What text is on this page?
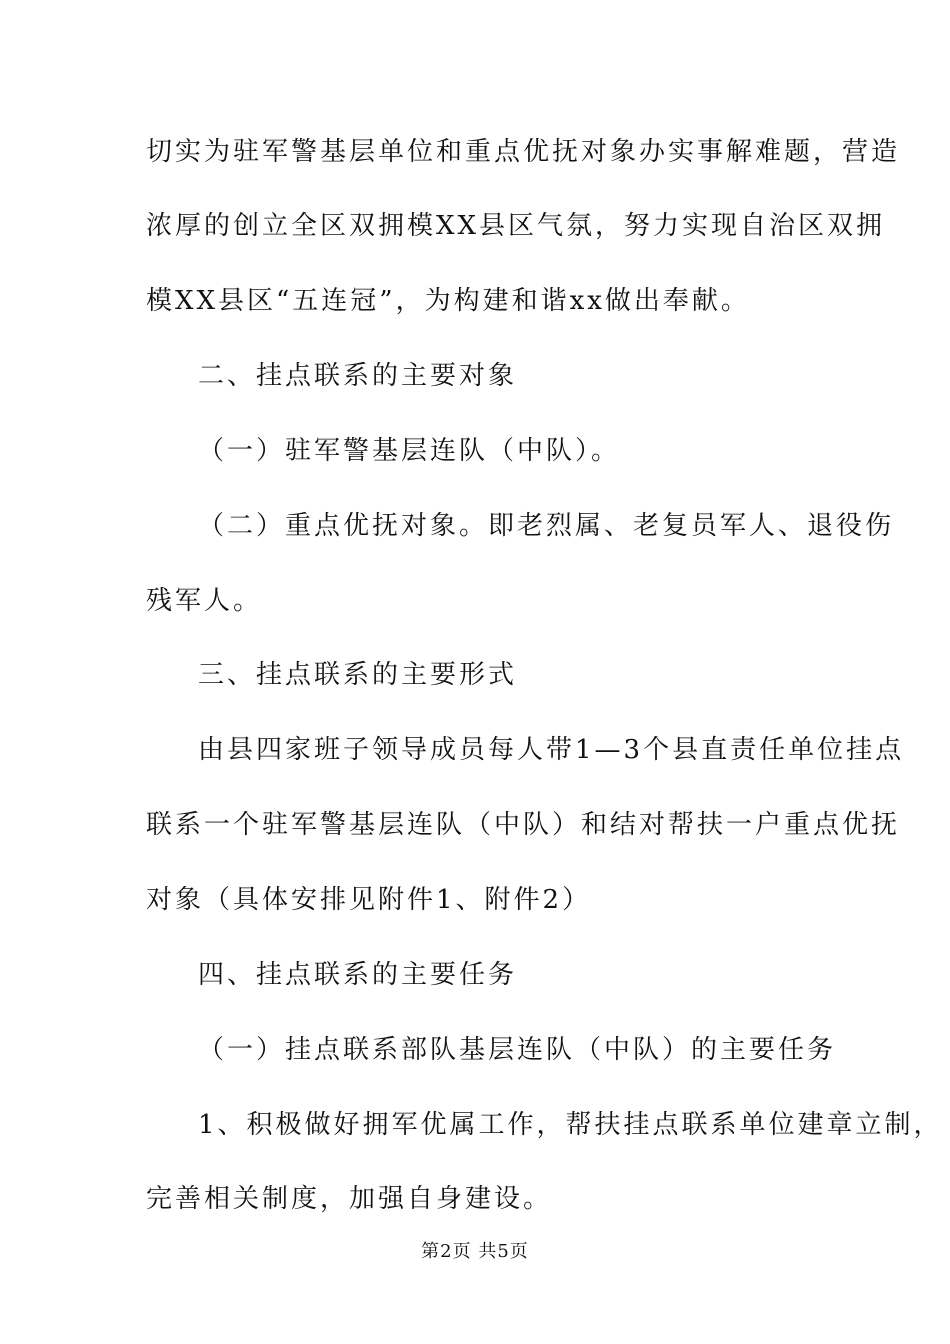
切实为驻军警基层单位和重点优抚对象办实事解难题，营造
浓厚的创立全区双拥模XX县区气氛，努力实现自治区双拥
模XX县区“五连冠”，为构建和谐xx做出奉献。
二、挂点联系的主要对象
（一）驻军警基层连队（中队）。
（二）重点优抚对象。即老烈属、老复员军人、退役伤
残军人。
三、挂点联系的主要形式
由县四家班子领导成员每人带1—3个县直责任单位挂点
联系一个驻军警基层连队（中队）和结对帮扶一户重点优抚
对象（具体安排见附件1、附件2）
四、挂点联系的主要任务
（一）挂点联系部队基层连队（中队）的主要任务
1、积极做好拥军优属工作，帮扶挂点联系单位建章立制，
完善相关制度，加强自身建设。
第2页 共5页
